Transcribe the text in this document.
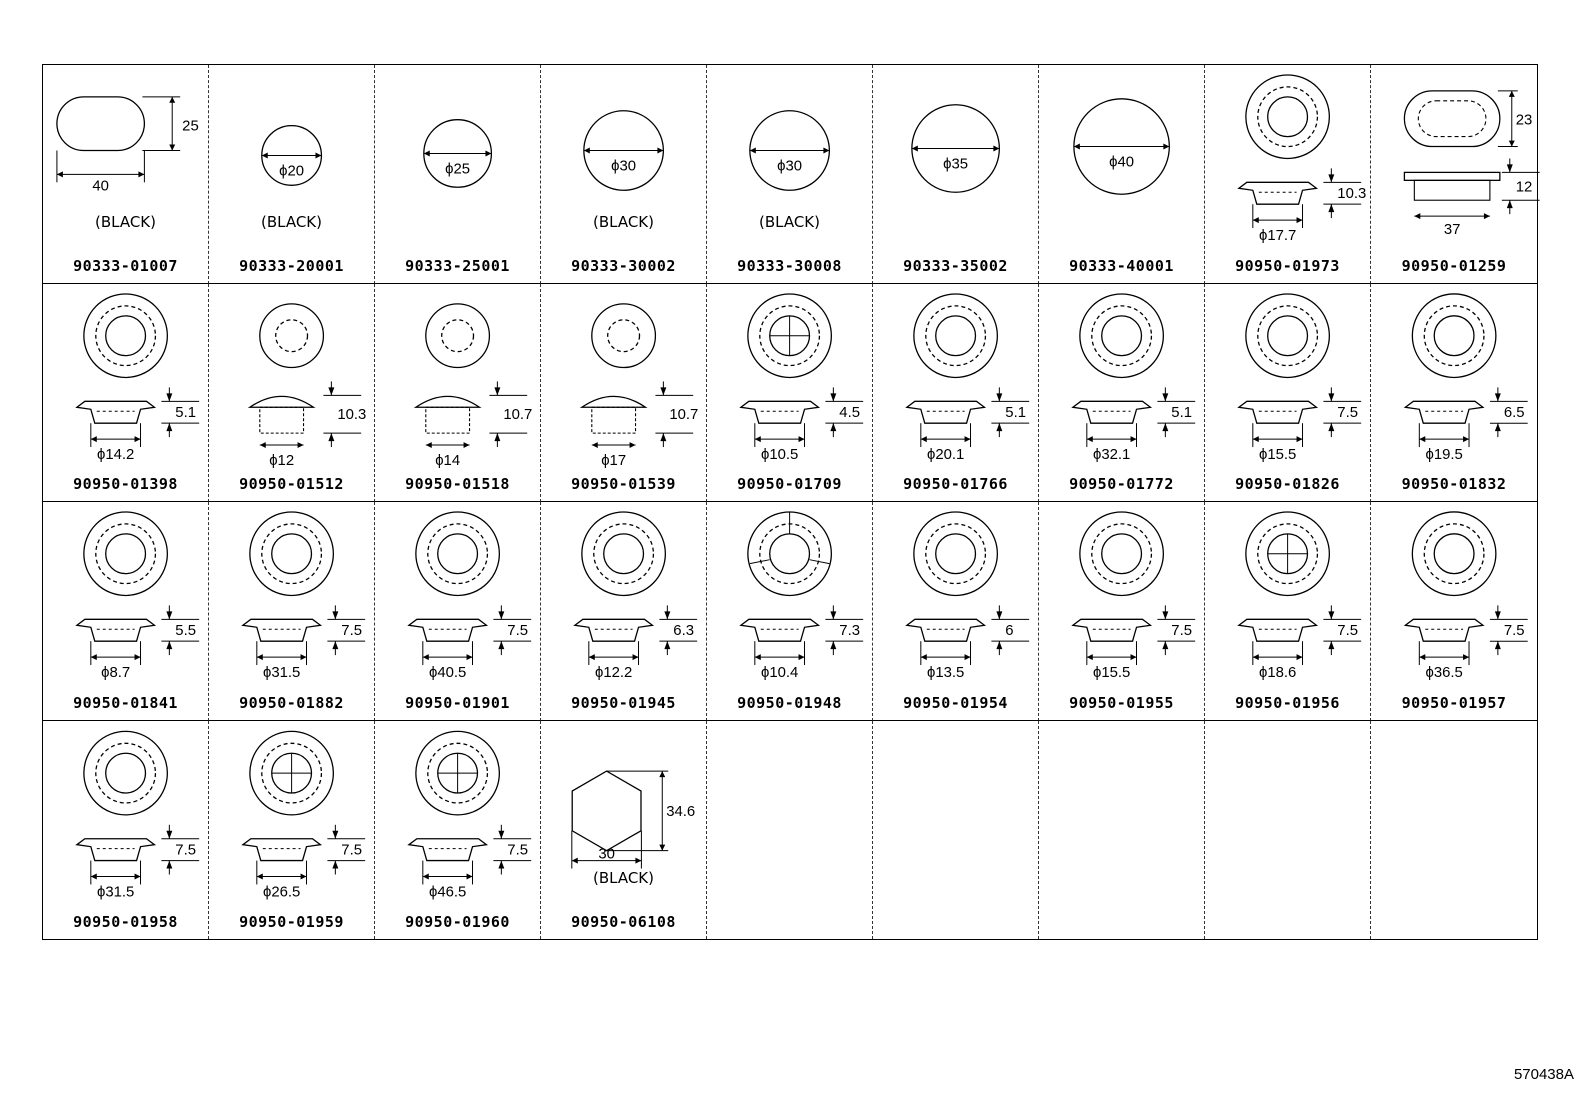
25
40
(BLACK)
90333-01007
ϕ20
(BLACK)
90333-20001
ϕ25
90333-25001
ϕ30
(BLACK)
90333-30002
ϕ30
(BLACK)
90333-30008
ϕ35
90333-35002
ϕ40
90333-40001
10.3
ϕ17.7
90950-01973
23
12
37
90950-01259
5.1
ϕ14.2
90950-01398
10.3
ϕ12
90950-01512
10.7
ϕ14
90950-01518
10.7
ϕ17
90950-01539
4.5
ϕ10.5
90950-01709
5.1
ϕ20.1
90950-01766
5.1
ϕ32.1
90950-01772
7.5
ϕ15.5
90950-01826
6.5
ϕ19.5
90950-01832
5.5
ϕ8.7
90950-01841
7.5
ϕ31.5
90950-01882
7.5
ϕ40.5
90950-01901
6.3
ϕ12.2
90950-01945
7.3
ϕ10.4
90950-01948
6
ϕ13.5
90950-01954
7.5
ϕ15.5
90950-01955
7.5
ϕ18.6
90950-01956
7.5
ϕ36.5
90950-01957
7.5
ϕ31.5
90950-01958
7.5
ϕ26.5
90950-01959
7.5
ϕ46.5
90950-01960
34.6
30
(BLACK)
90950-06108
570438A
